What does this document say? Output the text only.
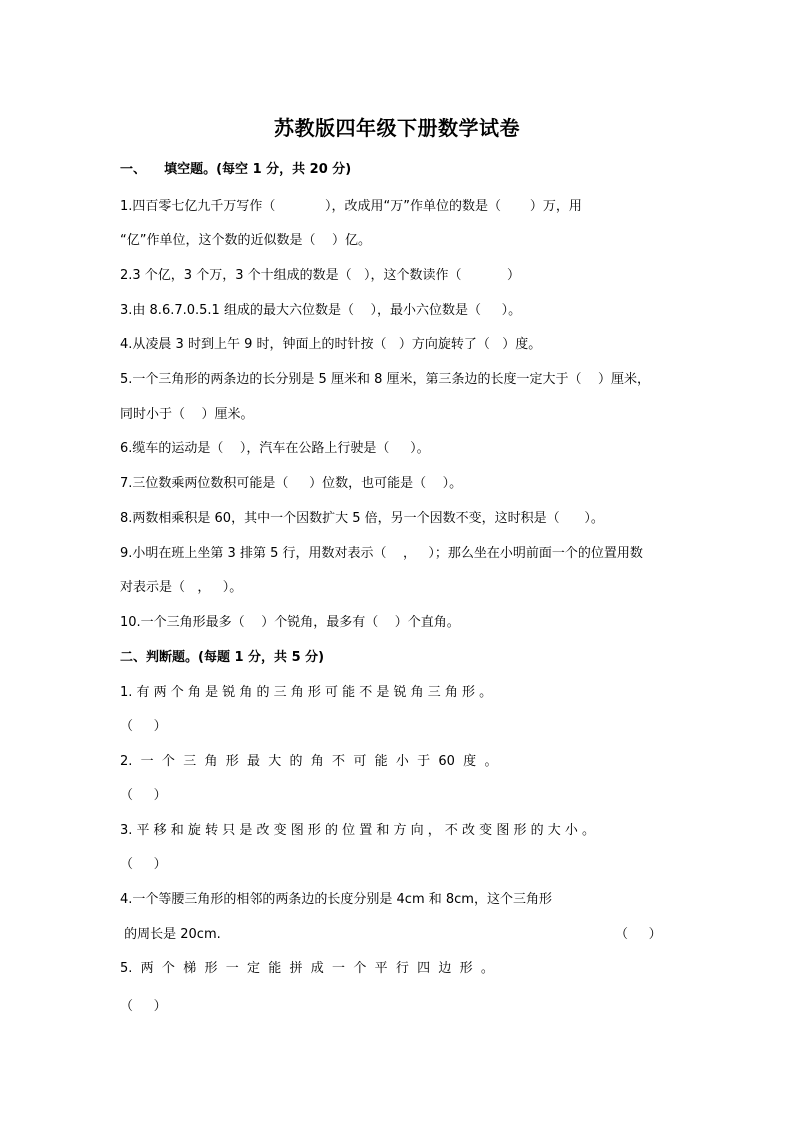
苏教版四年级下册数学试卷
一、    填空题。(每空 1 分，共 20 分)
1.四百零七亿九千万写作（            ），改成用“万”作单位的数是（       ）万，用
“亿”作单位，这个数的近似数是（    ）亿。
2.3 个亿，3 个万，3 个十组成的数是（   ），这个数读作（           ）
3.由 8.6.7.0.5.1 组成的最大六位数是（    ），最小六位数是（     ）。
4.从凌晨 3 时到上午 9 时，钟面上的时针按（   ）方向旋转了（   ）度。
5.一个三角形的两条边的长分别是 5 厘米和 8 厘米，第三条边的长度一定大于（    ）厘米，
同时小于（    ）厘米。
6.缆车的运动是（    ），汽车在公路上行驶是（     ）。
7.三位数乘两位数积可能是（     ）位数，也可能是（    ）。
8.两数相乘积是 60，其中一个因数扩大 5 倍，另一个因数不变，这时积是（      ）。
9.小明在班上坐第 3 排第 5 行，用数对表示（    ，   ）；那么坐在小明前面一个的位置用数
对表示是（   ，   ）。
10.一个三角形最多（    ）个锐角，最多有（    ）个直角。
二、判断题。(每题 1 分，共 5 分)
1. 有 两 个 角 是 锐 角 的 三 角 形 可 能 不 是 锐 角 三 角 形 。
（     ）
2.  一  个  三  角  形  最  大  的  角  不  可  能  小  于  60  度  。
（     ）
3. 平 移 和 旋 转 只 是 改 变 图 形 的 位 置 和 方 向 ， 不 改 变 图 形 的 大 小 。
（     ）
4.一个等腰三角形的相邻的两条边的长度分别是 4cm 和 8cm，这个三角形
的周长是 20cm.	（     ）
5.  两  个  梯  形  一  定  能  拼  成  一  个  平  行  四  边  形  。
（     ）
